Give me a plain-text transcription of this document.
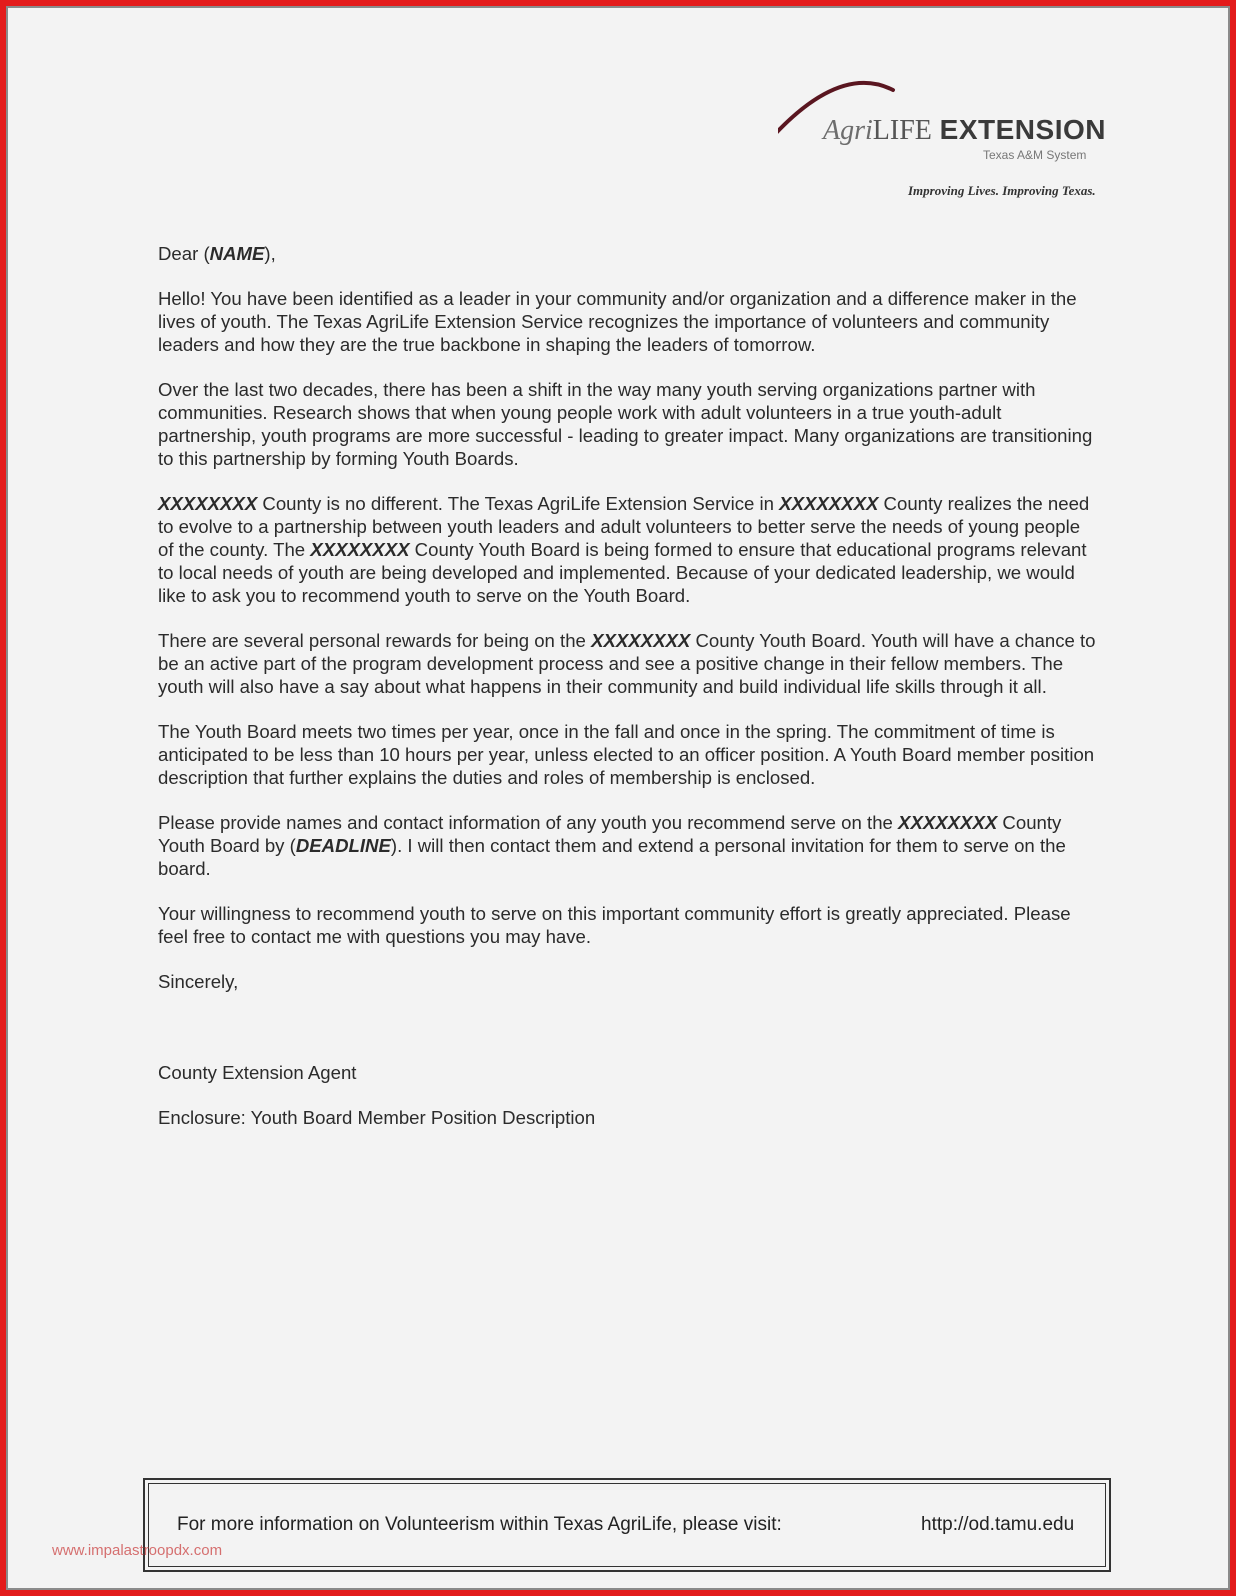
AgriLIFE EXTENSION
Texas A&M System
Improving Lives. Improving Texas.

Dear (NAME),

Hello! You have been identified as a leader in your community and/or organization and a difference maker in the lives of youth. The Texas AgriLife Extension Service recognizes the importance of volunteers and community leaders and how they are the true backbone in shaping the leaders of tomorrow.

Over the last two decades, there has been a shift in the way many youth serving organizations partner with communities. Research shows that when young people work with adult volunteers in a true youth-adult partnership, youth programs are more successful - leading to greater impact. Many organizations are transitioning to this partnership by forming Youth Boards.

XXXXXXXX County is no different. The Texas AgriLife Extension Service in XXXXXXXX County realizes the need to evolve to a partnership between youth leaders and adult volunteers to better serve the needs of young people of the county. The XXXXXXXX County Youth Board is being formed to ensure that educational programs relevant to local needs of youth are being developed and implemented. Because of your dedicated leadership, we would like to ask you to recommend youth to serve on the Youth Board.

There are several personal rewards for being on the XXXXXXXX County Youth Board. Youth will have a chance to be an active part of the program development process and see a positive change in their fellow members. The youth will also have a say about what happens in their community and build individual life skills through it all.

The Youth Board meets two times per year, once in the fall and once in the spring. The commitment of time is anticipated to be less than 10 hours per year, unless elected to an officer position. A Youth Board member position description that further explains the duties and roles of membership is enclosed.

Please provide names and contact information of any youth you recommend serve on the XXXXXXXX County Youth Board by (DEADLINE). I will then contact them and extend a personal invitation for them to serve on the board.

Your willingness to recommend youth to serve on this important community effort is greatly appreciated. Please feel free to contact me with questions you may have.

Sincerely,

County Extension Agent

Enclosure: Youth Board Member Position Description

For more information on Volunteerism within Texas AgriLife, please visit:	http://od.tamu.edu
www.impalastroopdx.com
